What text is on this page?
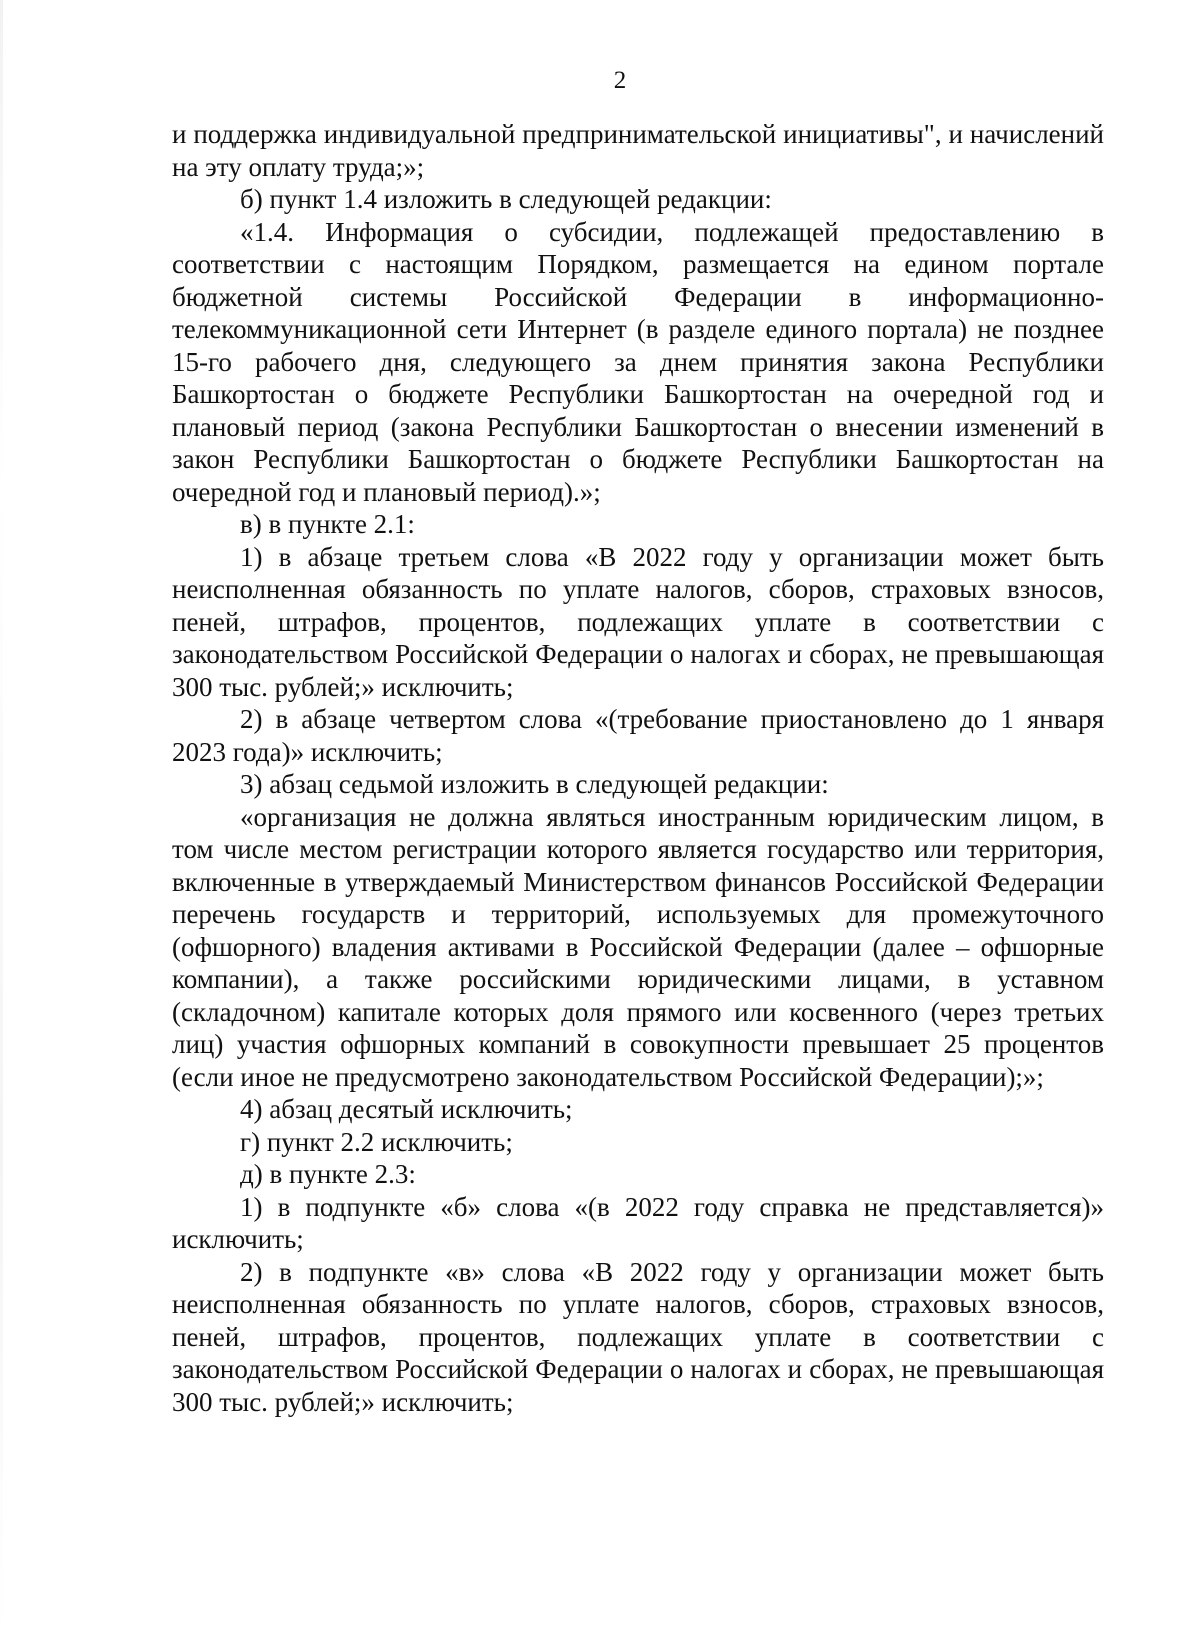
2

и поддержка индивидуальной предпринимательской инициативы", и начислений на эту оплату труда;»;

б) пункт 1.4 изложить в следующей редакции:

«1.4. Информация о субсидии, подлежащей предоставлению в соответствии с настоящим Порядком, размещается на едином портале бюджетной системы Российской Федерации в информационно-телекоммуникационной сети Интернет (в разделе единого портала) не позднее 15-го рабочего дня, следующего за днем принятия закона Республики Башкортостан о бюджете Республики Башкортостан на очередной год и плановый период (закона Республики Башкортостан о внесении изменений в закон Республики Башкортостан о бюджете Республики Башкортостан на очередной год и плановый период).»;

в) в пункте 2.1:

1) в абзаце третьем слова «В 2022 году у организации может быть неисполненная обязанность по уплате налогов, сборов, страховых взносов, пеней, штрафов, процентов, подлежащих уплате в соответствии с законодательством Российской Федерации о налогах и сборах, не превышающая 300 тыс. рублей;» исключить;

2) в абзаце четвертом слова «(требование приостановлено до 1 января 2023 года)» исключить;

3) абзац седьмой изложить в следующей редакции:

«организация не должна являться иностранным юридическим лицом, в том числе местом регистрации которого является государство или территория, включенные в утверждаемый Министерством финансов Российской Федерации перечень государств и территорий, используемых для промежуточного (офшорного) владения активами в Российской Федерации (далее – офшорные компании), а также российскими юридическими лицами, в уставном (складочном) капитале которых доля прямого или косвенного (через третьих лиц) участия офшорных компаний в совокупности превышает 25 процентов (если иное не предусмотрено законодательством Российской Федерации);»;

4) абзац десятый исключить;

г) пункт 2.2 исключить;

д) в пункте 2.3:

1) в подпункте «б» слова «(в 2022 году справка не представляется)» исключить;

2) в подпункте «в» слова «В 2022 году у организации может быть неисполненная обязанность по уплате налогов, сборов, страховых взносов, пеней, штрафов, процентов, подлежащих уплате в соответствии с законодательством Российской Федерации о налогах и сборах, не превышающая 300 тыс. рублей;» исключить;
